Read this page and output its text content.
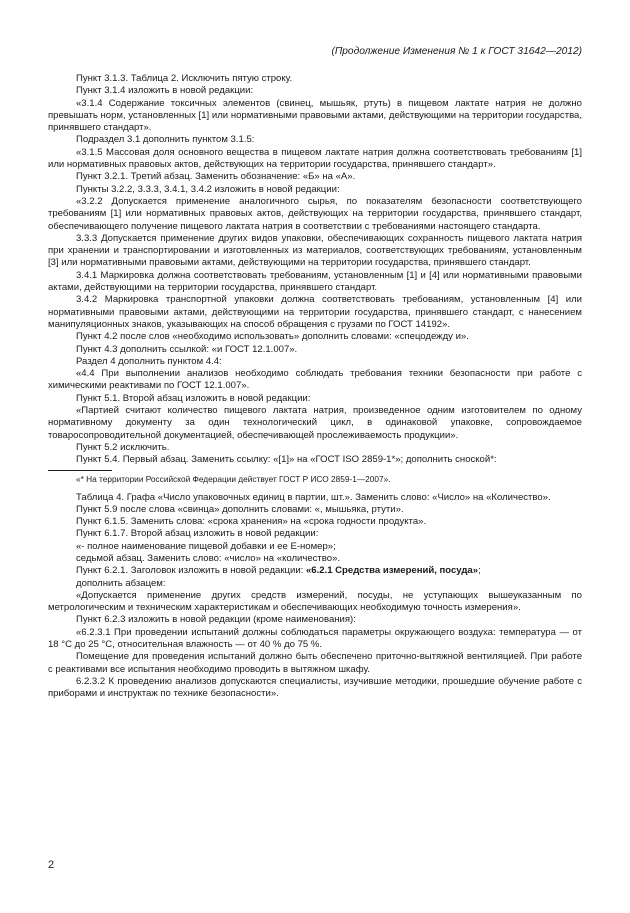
(Продолжение Изменения № 1 к ГОСТ 31642—2012)

Пункт 3.1.3. Таблица 2. Исключить пятую строку.

Пункт 3.1.4 изложить в новой редакции:

«3.1.4 Содержание токсичных элементов (свинец, мышьяк, ртуть) в пищевом лактате натрия не должно превышать норм, установленных [1] или нормативными правовыми актами, действующими на территории государства, принявшего стандарт».

Подраздел 3.1 дополнить пунктом 3.1.5:

«3.1.5 Массовая доля основного вещества в пищевом лактате натрия должна соответствовать требованиям [1] или нормативных правовых актов, действующих на территории государства, принявшего стандарт».

Пункт 3.2.1. Третий абзац. Заменить обозначение: «Б» на «А».

Пункты 3.2.2, 3.3.3, 3.4.1, 3.4.2 изложить в новой редакции:

«3.2.2 Допускается применение аналогичного сырья, по показателям безопасности соответствующего требованиям [1] или нормативных правовых актов, действующих на территории государства, принявшего стандарт, обеспечивающего получение пищевого лактата натрия в соответствии с требованиями настоящего стандарта.

3.3.3 Допускается применение других видов упаковки, обеспечивающих сохранность пищевого лактата натрия при хранении и транспортировании и изготовленных из материалов, соответствующих требованиям, установленным [3] или нормативными правовыми актами, действующими на территории государства, принявшего стандарт.

3.4.1 Маркировка должна соответствовать требованиям, установленным [1] и [4] или нормативными правовыми актами, действующими на территории государства, принявшего стандарт.

3.4.2 Маркировка транспортной упаковки должна соответствовать требованиям, установленным [4] или нормативными правовыми актами, действующими на территории государства, принявшего стандарт, с нанесением манипуляционных знаков, указывающих на способ обращения с грузами по ГОСТ 14192».

Пункт 4.2 после слов «необходимо использовать» дополнить словами: «спецодежду и».

Пункт 4.3 дополнить ссылкой: «и ГОСТ 12.1.007».

Раздел 4 дополнить пунктом 4.4:

«4.4 При выполнении анализов необходимо соблюдать требования техники безопасности при работе с химическими реактивами по ГОСТ 12.1.007».

Пункт 5.1. Второй абзац изложить в новой редакции:

«Партией считают количество пищевого лактата натрия, произведенное одним изготовителем по одному нормативному документу за один технологический цикл, в одинаковой упаковке, сопровождаемое товаросопроводительной документацией, обеспечивающей прослеживаемость продукции».

Пункт 5.2 исключить.

Пункт 5.4. Первый абзац. Заменить ссылку: «[1]» на «ГОСТ ISO 2859-1*»; дополнить сноской*:

«* На территории Российской Федерации действует ГОСТ Р ИСО 2859-1—2007».

Таблица 4. Графа «Число упаковочных единиц в партии, шт.». Заменить слово: «Число» на «Количество».

Пункт 5.9 после слова «свинца» дополнить словами: «, мышьяка, ртути».

Пункт 6.1.5. Заменить слова: «срока хранения» на «срока годности продукта».

Пункт 6.1.7. Второй абзац изложить в новой редакции:

«- полное наименование пищевой добавки и ее Е-номер»;

седьмой абзац. Заменить слово: «число» на «количество».

Пункт 6.2.1. Заголовок изложить в новой редакции: «6.2.1 Средства измерений, посуда»;

дополнить абзацем:

«Допускается применение других средств измерений, посуды, не уступающих вышеуказанным по метрологическим и техническим характеристикам и обеспечивающих необходимую точность измерения».

Пункт 6.2.3 изложить в новой редакции (кроме наименования):

«6.2.3.1 При проведении испытаний должны соблюдаться параметры окружающего воздуха: температура — от 18 °С до 25 °С, относительная влажность — от 40 % до 75 %.

Помещение для проведения испытаний должно быть обеспечено приточно-вытяжной вентиляцией. При работе с реактивами все испытания необходимо проводить в вытяжном шкафу.

6.2.3.2 К проведению анализов допускаются специалисты, изучившие методики, прошедшие обучение работе с приборами и инструктаж по технике безопасности».

2
